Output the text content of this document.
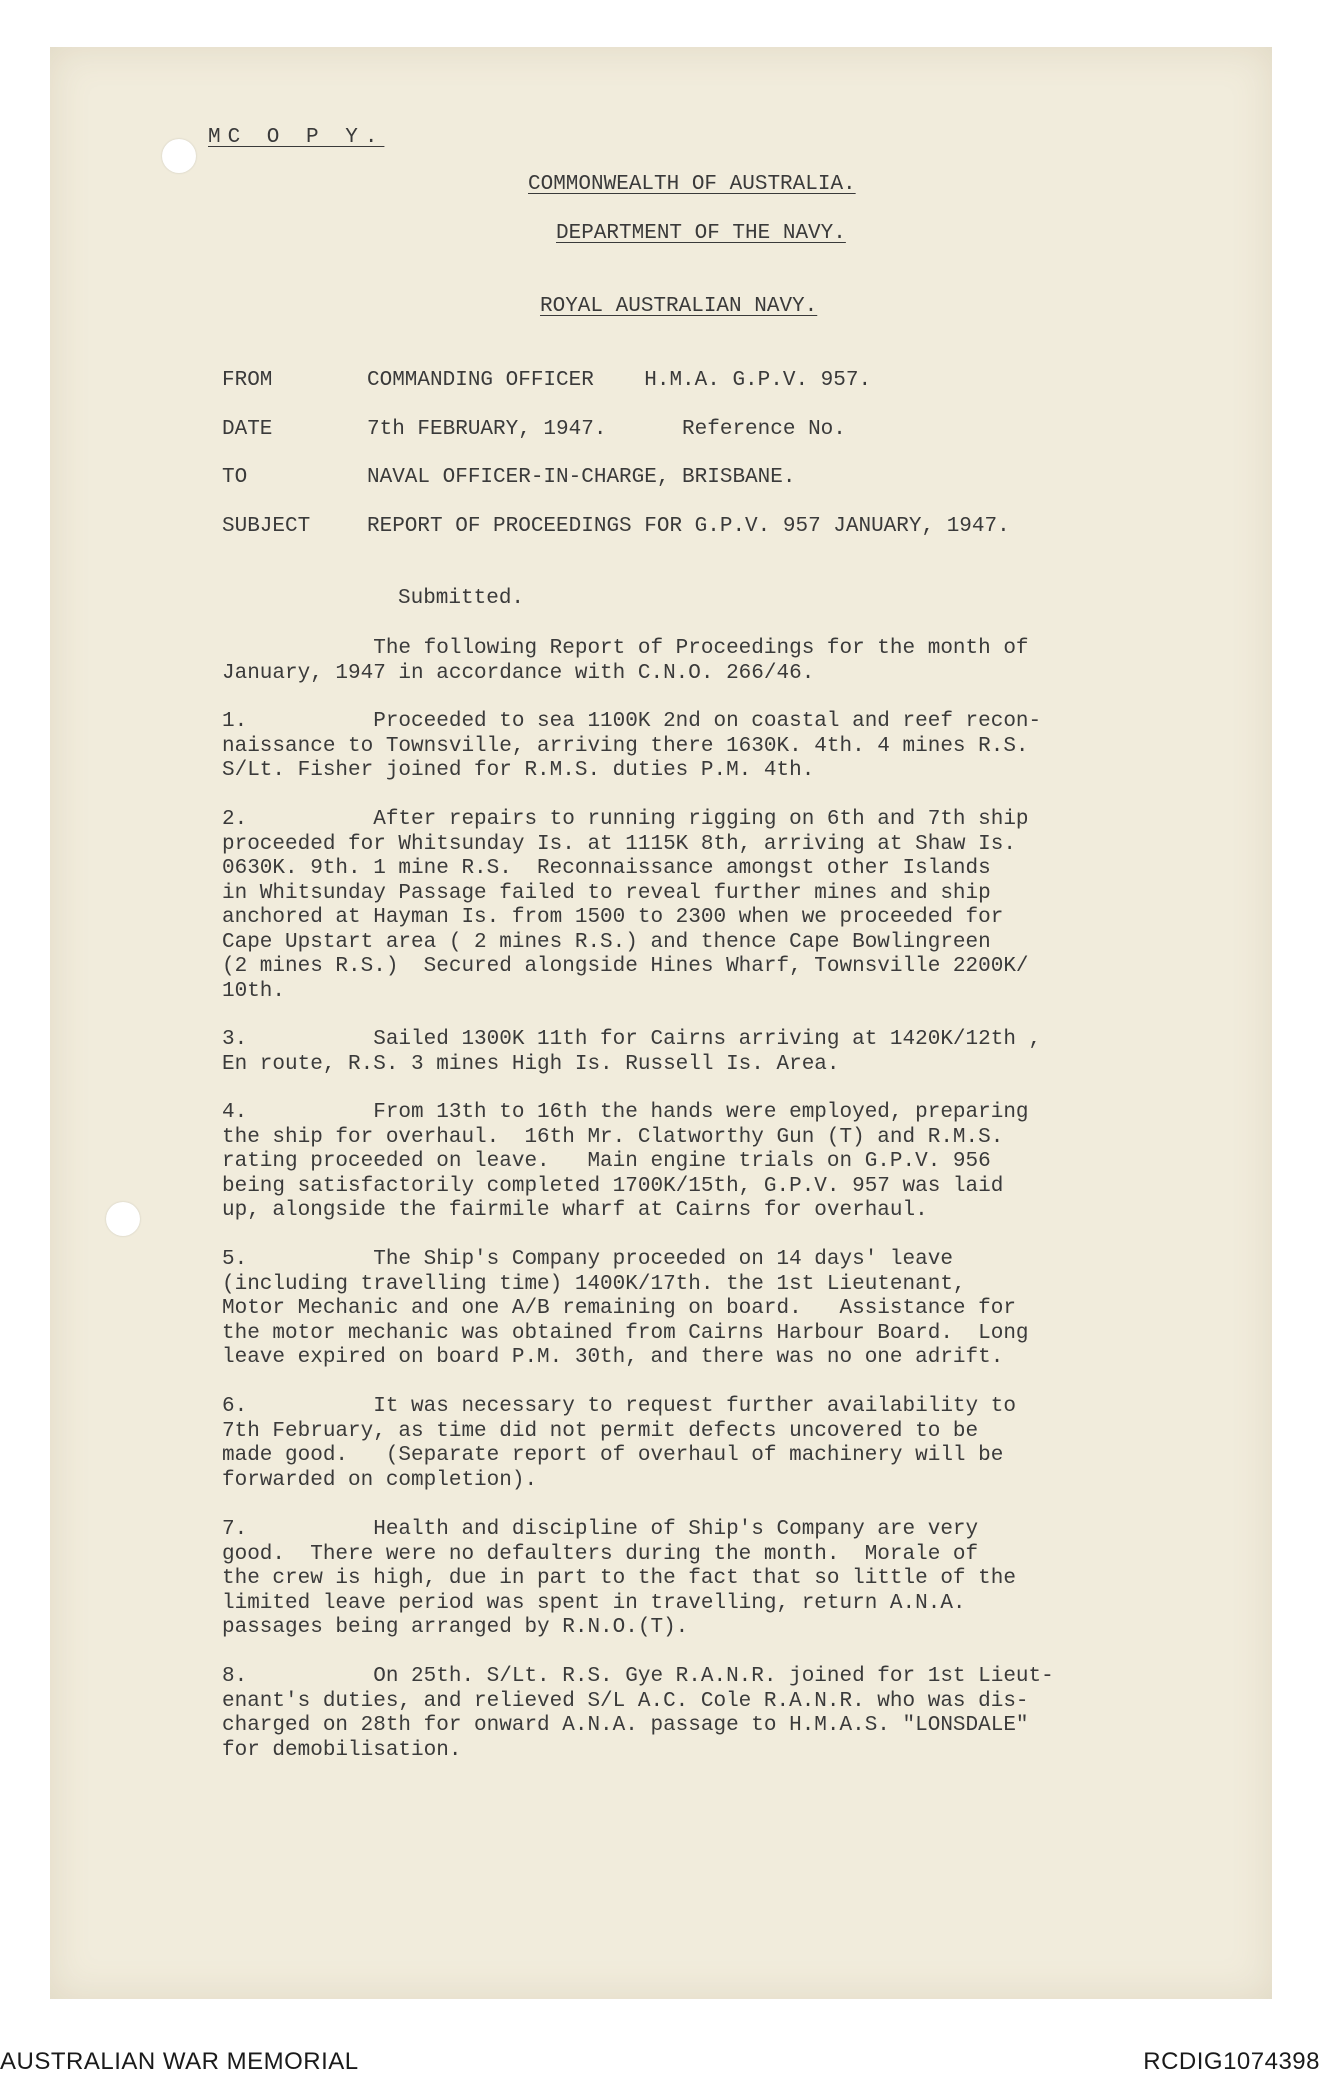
MC O P Y.
COMMONWEALTH OF AUSTRALIA.
DEPARTMENT OF THE NAVY.
ROYAL AUSTRALIAN NAVY.
FROM	COMMANDING OFFICER    H.M.A. G.P.V. 957.
DATE	7th FEBRUARY, 1947.      Reference No.
TO	NAVAL OFFICER-IN-CHARGE, BRISBANE.
SUBJECT	REPORT OF PROCEEDINGS FOR G.P.V. 957 JANUARY, 1947.
Submitted.
The following Report of Proceedings for the month of
January, 1947 in accordance with C.N.O. 266/46.
1.          Proceeded to sea 1100K 2nd on coastal and reef recon-
naissance to Townsville, arriving there 1630K. 4th. 4 mines R.S.
S/Lt. Fisher joined for R.M.S. duties P.M. 4th.
2.          After repairs to running rigging on 6th and 7th ship
proceeded for Whitsunday Is. at 1115K 8th, arriving at Shaw Is.
0630K. 9th. 1 mine R.S.  Reconnaissance amongst other Islands
in Whitsunday Passage failed to reveal further mines and ship
anchored at Hayman Is. from 1500 to 2300 when we proceeded for
Cape Upstart area ( 2 mines R.S.) and thence Cape Bowlingreen
(2 mines R.S.)  Secured alongside Hines Wharf, Townsville 2200K/
10th.
3.          Sailed 1300K 11th for Cairns arriving at 1420K/12th ,
En route, R.S. 3 mines High Is. Russell Is. Area.
4.          From 13th to 16th the hands were employed, preparing
the ship for overhaul.  16th Mr. Clatworthy Gun (T) and R.M.S.
rating proceeded on leave.   Main engine trials on G.P.V. 956
being satisfactorily completed 1700K/15th, G.P.V. 957 was laid
up, alongside the fairmile wharf at Cairns for overhaul.
5.          The Ship's Company proceeded on 14 days' leave
(including travelling time) 1400K/17th. the 1st Lieutenant,
Motor Mechanic and one A/B remaining on board.   Assistance for
the motor mechanic was obtained from Cairns Harbour Board.  Long
leave expired on board P.M. 30th, and there was no one adrift.
6.          It was necessary to request further availability to
7th February, as time did not permit defects uncovered to be
made good.   (Separate report of overhaul of machinery will be
forwarded on completion).
7.          Health and discipline of Ship's Company are very
good.  There were no defaulters during the month.  Morale of
the crew is high, due in part to the fact that so little of the
limited leave period was spent in travelling, return A.N.A.
passages being arranged by R.N.O.(T).
8.          On 25th. S/Lt. R.S. Gye R.A.N.R. joined for 1st Lieut-
enant's duties, and relieved S/L A.C. Cole R.A.N.R. who was dis-
charged on 28th for onward A.N.A. passage to H.M.A.S. "LONSDALE"
for demobilisation.
AUSTRALIAN WAR MEMORIAL	RCDIG1074398
